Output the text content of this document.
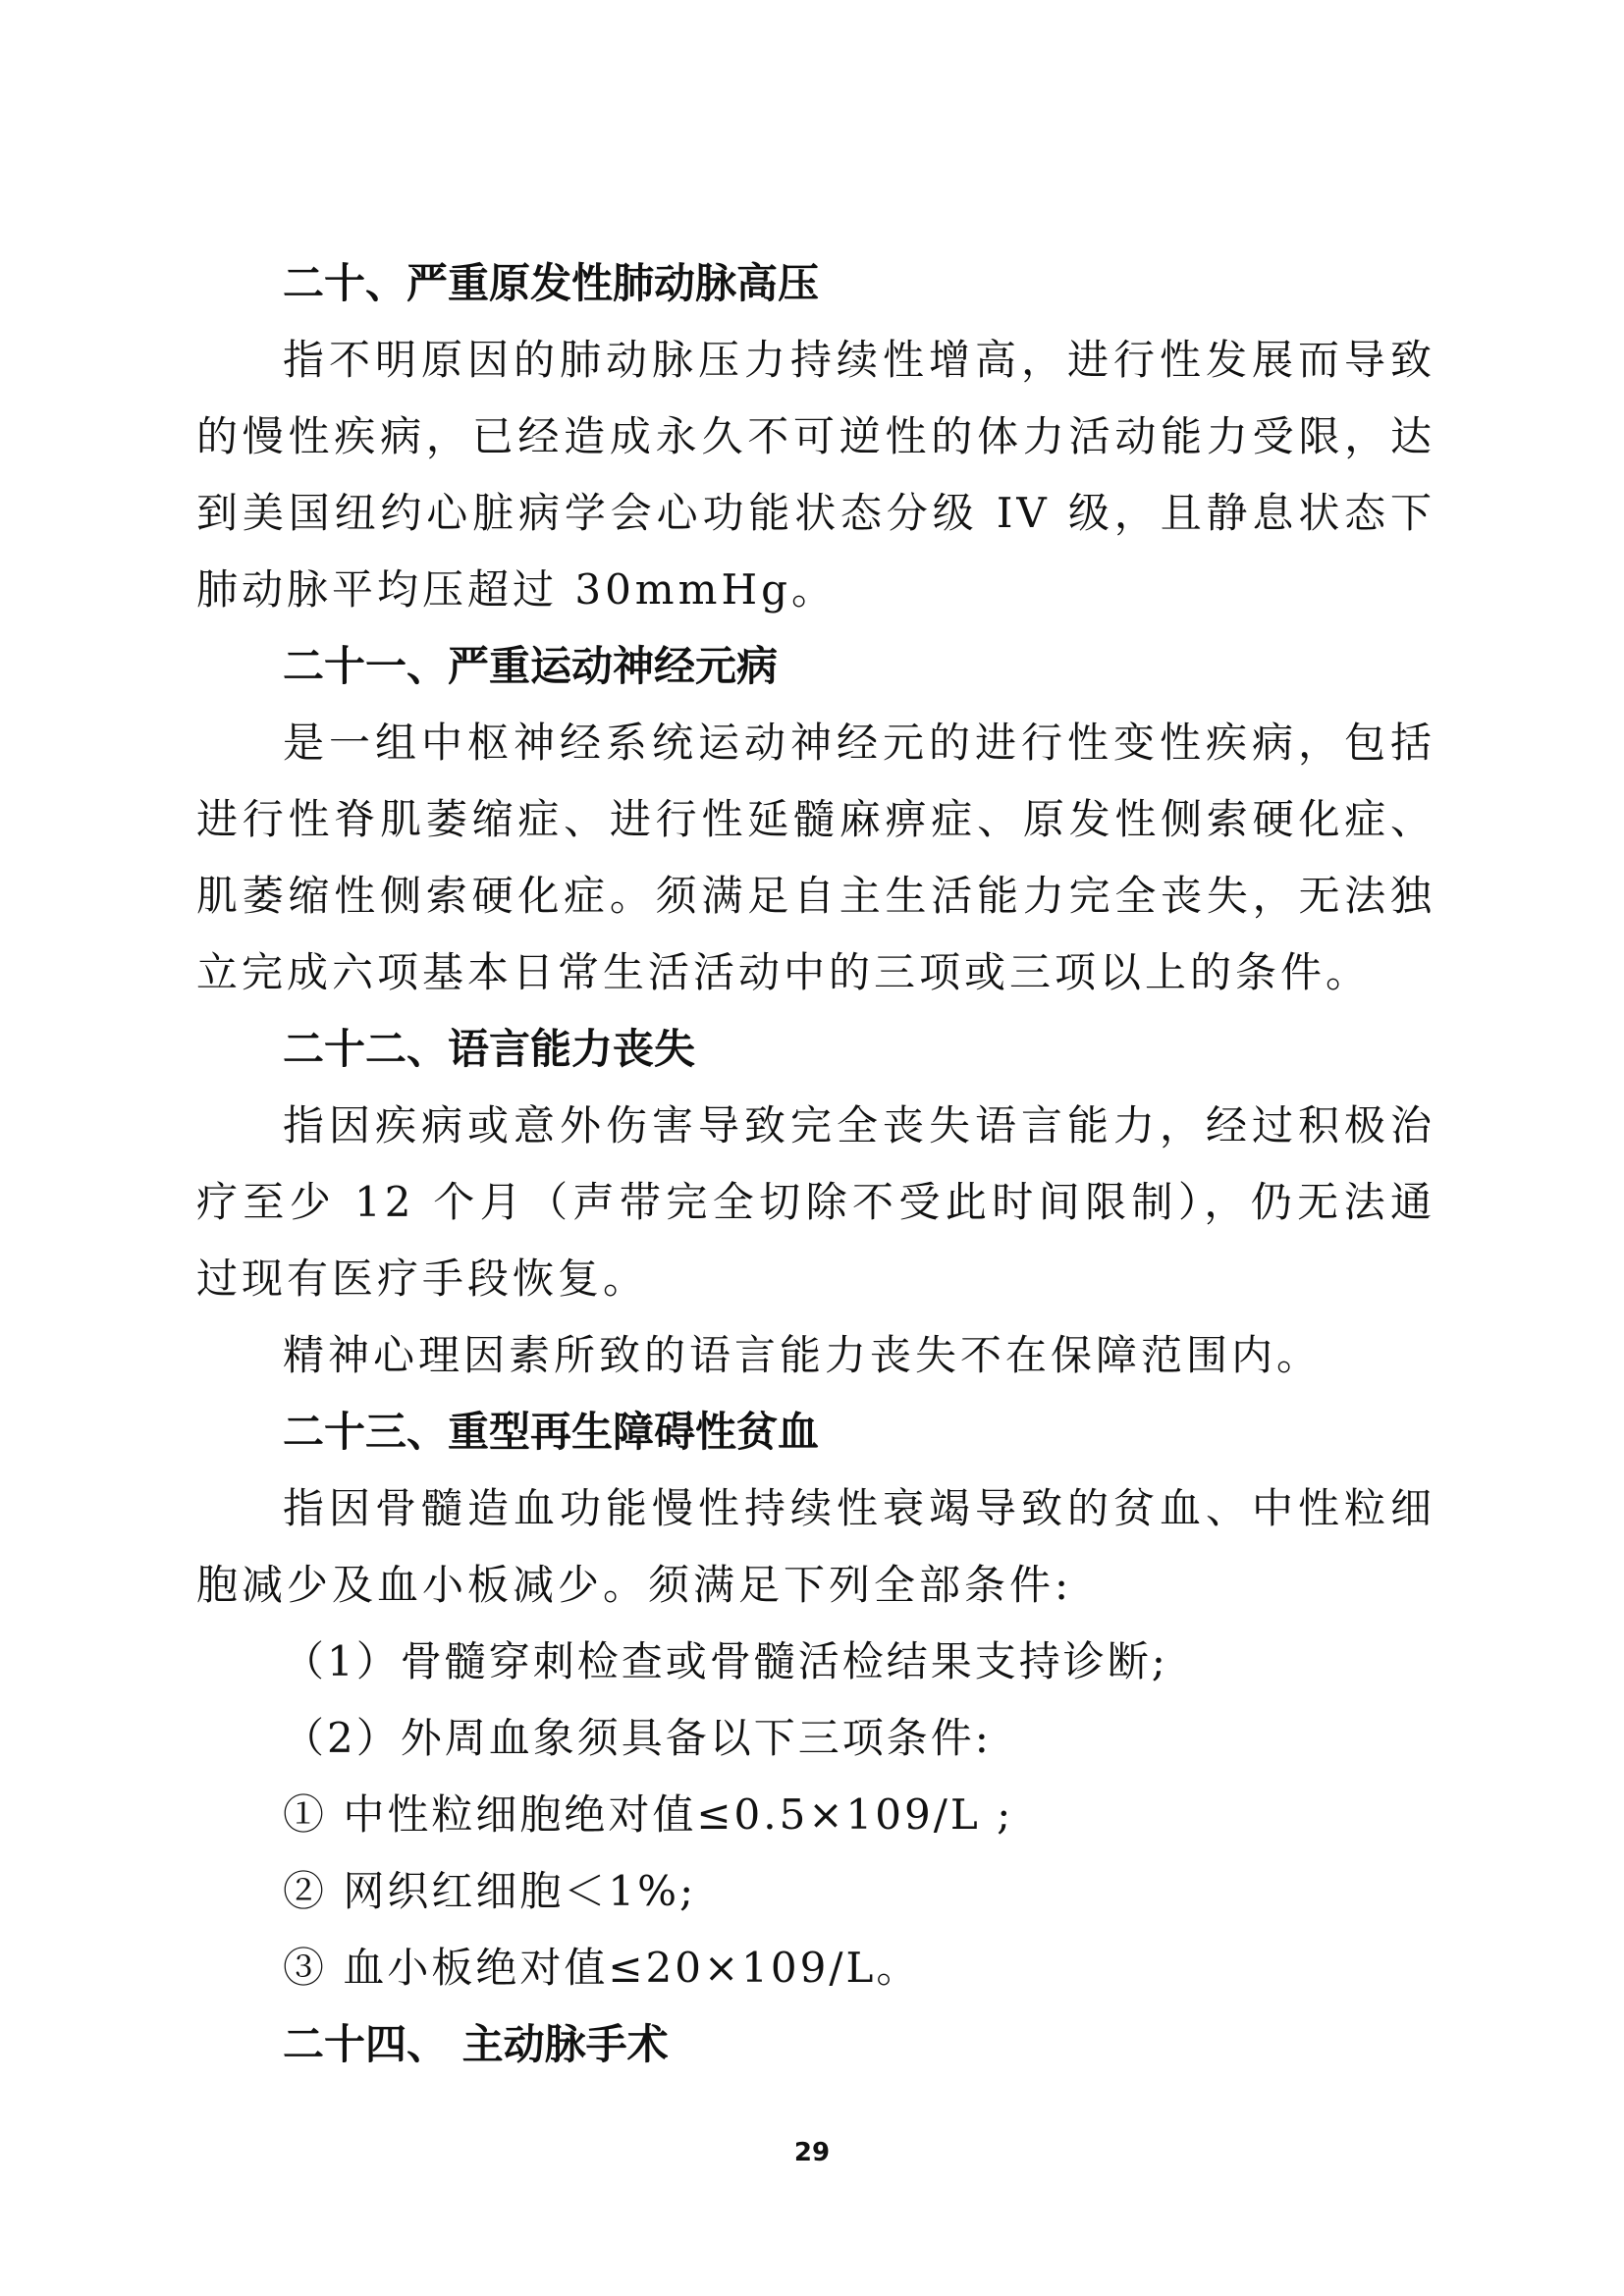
二十、严重原发性肺动脉高压

指不明原因的肺动脉压力持续性增高，进行性发展而导致的慢性疾病，已经造成永久不可逆性的体力活动能力受限，达到美国纽约心脏病学会心功能状态分级 IV 级，且静息状态下肺动脉平均压超过 30mmHg。

二十一、严重运动神经元病

是一组中枢神经系统运动神经元的进行性变性疾病，包括进行性脊肌萎缩症、进行性延髓麻痹症、原发性侧索硬化症、肌萎缩性侧索硬化症。须满足自主生活能力完全丧失，无法独立完成六项基本日常生活活动中的三项或三项以上的条件。

二十二、语言能力丧失

指因疾病或意外伤害导致完全丧失语言能力，经过积极治疗至少 12 个月（声带完全切除不受此时间限制），仍无法通过现有医疗手段恢复。

精神心理因素所致的语言能力丧失不在保障范围内。

二十三、重型再生障碍性贫血

指因骨髓造血功能慢性持续性衰竭导致的贫血、中性粒细胞减少及血小板减少。须满足下列全部条件:

（1）骨髓穿刺检查或骨髓活检结果支持诊断;

（2）外周血象须具备以下三项条件:

① 中性粒细胞绝对值≤0.5×109/L ;

② 网织红细胞＜1%;

③ 血小板绝对值≤20×109/L。

二十四、 主动脉手术
29
